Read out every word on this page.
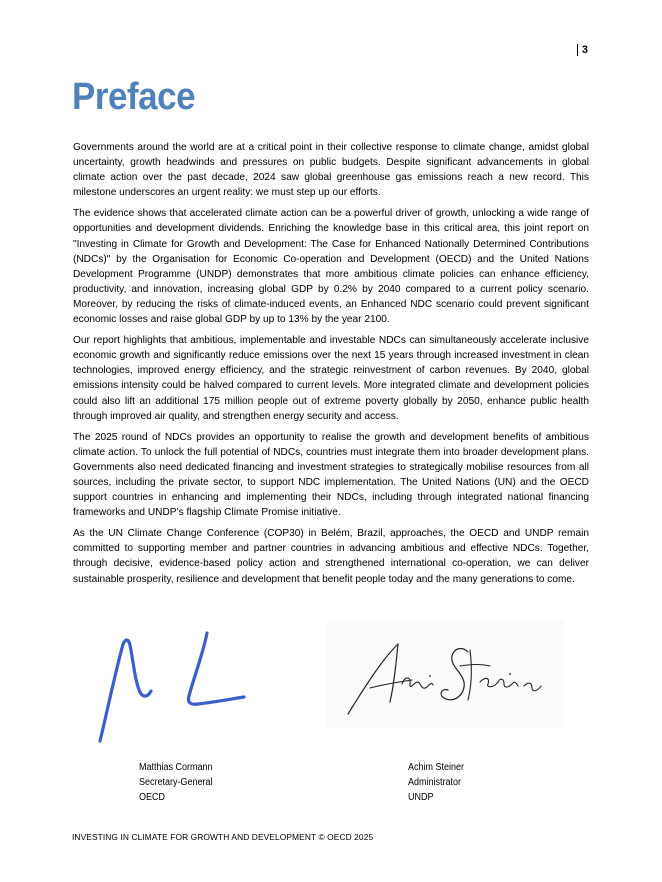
3
Preface

Governments around the world are at a critical point in their collective response to climate change, amidst global uncertainty, growth headwinds and pressures on public budgets. Despite significant advancements in global climate action over the past decade, 2024 saw global greenhouse gas emissions reach a new record. This milestone underscores an urgent reality: we must step up our efforts.

The evidence shows that accelerated climate action can be a powerful driver of growth, unlocking a wide range of opportunities and development dividends. Enriching the knowledge base in this critical area, this joint report on "Investing in Climate for Growth and Development: The Case for Enhanced Nationally Determined Contributions (NDCs)" by the Organisation for Economic Co-operation and Development (OECD) and the United Nations Development Programme (UNDP) demonstrates that more ambitious climate policies can enhance efficiency, productivity, and innovation, increasing global GDP by 0.2% by 2040 compared to a current policy scenario. Moreover, by reducing the risks of climate-induced events, an Enhanced NDC scenario could prevent significant economic losses and raise global GDP by up to 13% by the year 2100.

Our report highlights that ambitious, implementable and investable NDCs can simultaneously accelerate inclusive economic growth and significantly reduce emissions over the next 15 years through increased investment in clean technologies, improved energy efficiency, and the strategic reinvestment of carbon revenues. By 2040, global emissions intensity could be halved compared to current levels. More integrated climate and development policies could also lift an additional 175 million people out of extreme poverty globally by 2050, enhance public health through improved air quality, and strengthen energy security and access.

The 2025 round of NDCs provides an opportunity to realise the growth and development benefits of ambitious climate action. To unlock the full potential of NDCs, countries must integrate them into broader development plans. Governments also need dedicated financing and investment strategies to strategically mobilise resources from all sources, including the private sector, to support NDC implementation. The United Nations (UN) and the OECD support countries in enhancing and implementing their NDCs, including through integrated national financing frameworks and UNDP’s flagship Climate Promise initiative.

As the UN Climate Change Conference (COP30) in Belém, Brazil, approaches, the OECD and UNDP remain committed to supporting member and partner countries in advancing ambitious and effective NDCs. Together, through decisive, evidence-based policy action and strengthened international co-operation, we can deliver sustainable prosperity, resilience and development that benefit people today and the many generations to come.

Matthias Cormann
Secretary-General
OECD
Achim Steiner
Administrator
UNDP
INVESTING IN CLIMATE FOR GROWTH AND DEVELOPMENT © OECD 2025
